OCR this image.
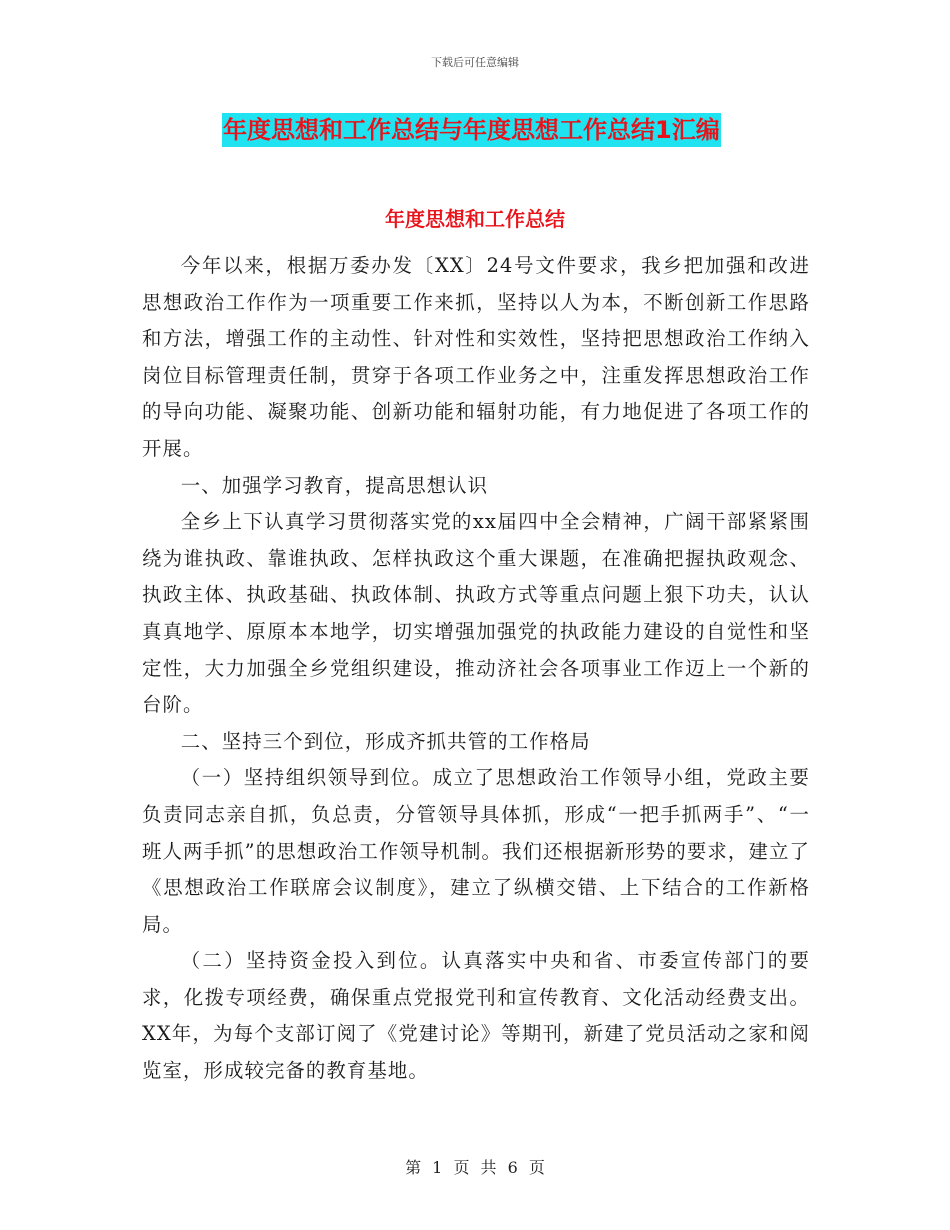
下载后可任意编辑
年度思想和工作总结与年度思想工作总结1汇编
年度思想和工作总结

今年以来，根据万委办发〔XX〕24号文件要求，我乡把加强和改进思想政治工作作为一项重要工作来抓，坚持以人为本，不断创新工作思路和方法，增强工作的主动性、针对性和实效性，坚持把思想政治工作纳入岗位目标管理责任制，贯穿于各项工作业务之中，注重发挥思想政治工作的导向功能、凝聚功能、创新功能和辐射功能，有力地促进了各项工作的开展。

一、加强学习教育，提高思想认识

全乡上下认真学习贯彻落实党的xx届四中全会精神，广阔干部紧紧围绕为谁执政、靠谁执政、怎样执政这个重大课题，在准确把握执政观念、执政主体、执政基础、执政体制、执政方式等重点问题上狠下功夫，认认真真地学、原原本本地学，切实增强加强党的执政能力建设的自觉性和坚定性，大力加强全乡党组织建设，推动济社会各项事业工作迈上一个新的台阶。

二、坚持三个到位，形成齐抓共管的工作格局

（一）坚持组织领导到位。成立了思想政治工作领导小组，党政主要负责同志亲自抓，负总责，分管领导具体抓，形成“一把手抓两手”、“一班人两手抓”的思想政治工作领导机制。我们还根据新形势的要求，建立了《思想政治工作联席会议制度》，建立了纵横交错、上下结合的工作新格局。

（二）坚持资金投入到位。认真落实中央和省、市委宣传部门的要求，化拨专项经费，确保重点党报党刊和宣传教育、文化活动经费支出。XX年，为每个支部订阅了《党建讨论》等期刊，新建了党员活动之家和阅览室，形成较完备的教育基地。

第 1 页 共 6 页
